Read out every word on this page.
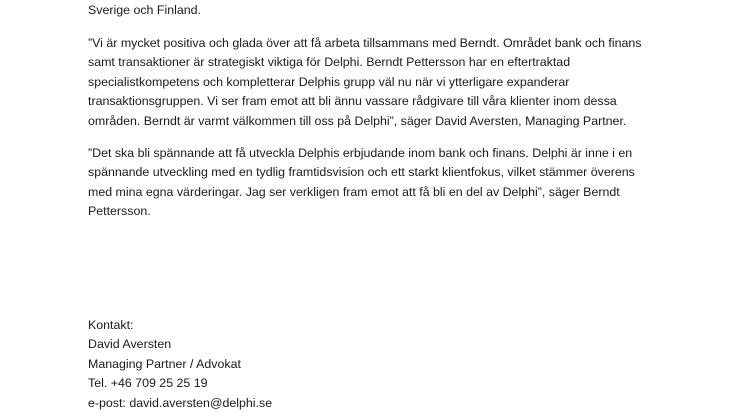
Sverige och Finland.

”Vi är mycket positiva och glada över att få arbeta tillsammans med Berndt. Området bank och finans
samt transaktioner är strategiskt viktiga för Delphi. Berndt Pettersson har en eftertraktad
specialistkompetens och kompletterar Delphis grupp väl nu när vi ytterligare expanderar
transaktionsgruppen. Vi ser fram emot att bli ännu vassare rådgivare till våra klienter inom dessa
områden. Berndt är varmt välkommen till oss på Delphi”, säger David Aversten, Managing Partner.

”Det ska bli spännande att få utveckla Delphis erbjudande inom bank och finans. Delphi är inne i en
spännande utveckling med en tydlig framtidsvision och ett starkt klientfokus, vilket stämmer överens
med mina egna värderingar. Jag ser verkligen fram emot att få bli en del av Delphi”, säger Berndt
Pettersson.

Kontakt:
David Aversten
Managing Partner / Advokat
Tel. +46 709 25 25 19
e-post: david.aversten@delphi.se
